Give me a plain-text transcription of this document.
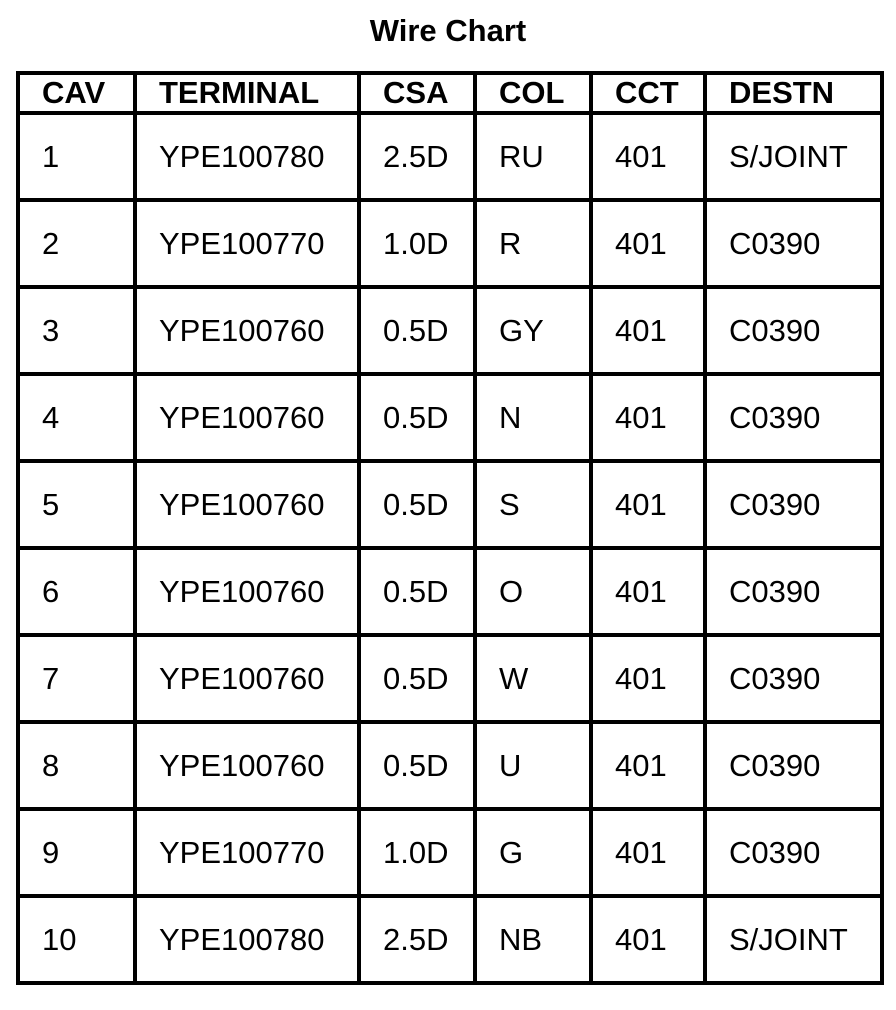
Wire Chart
CAV	TERMINAL	CSA	COL	CCT	DESTN
1	YPE100780	2.5D	RU	401	S/JOINT
2	YPE100770	1.0D	R	401	C0390
3	YPE100760	0.5D	GY	401	C0390
4	YPE100760	0.5D	N	401	C0390
5	YPE100760	0.5D	S	401	C0390
6	YPE100760	0.5D	O	401	C0390
7	YPE100760	0.5D	W	401	C0390
8	YPE100760	0.5D	U	401	C0390
9	YPE100770	1.0D	G	401	C0390
10	YPE100780	2.5D	NB	401	S/JOINT
